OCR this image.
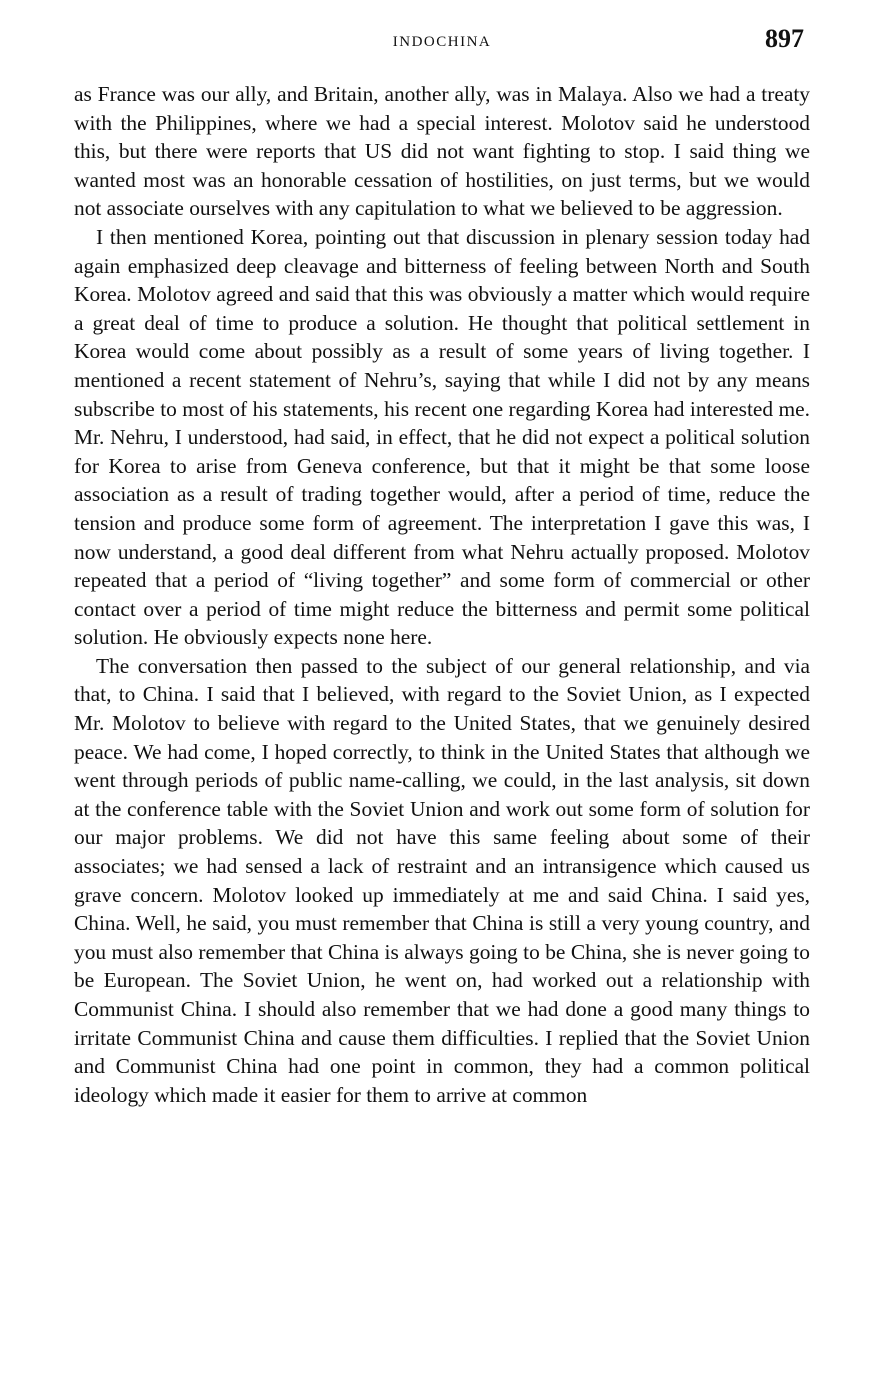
INDOCHINA	897

as France was our ally, and Britain, another ally, was in Malaya. Also we had a treaty with the Philippines, where we had a special interest. Molotov said he understood this, but there were reports that US did not want fighting to stop. I said thing we wanted most was an honorable cessation of hostilities, on just terms, but we would not associate ourselves with any capitulation to what we believed to be aggression.

I then mentioned Korea, pointing out that discussion in plenary session today had again emphasized deep cleavage and bitterness of feeling between North and South Korea. Molotov agreed and said that this was obviously a matter which would require a great deal of time to produce a solution. He thought that political settlement in Korea would come about possibly as a result of some years of living together. I mentioned a recent statement of Nehru’s, saying that while I did not by any means subscribe to most of his statements, his recent one regarding Korea had interested me. Mr. Nehru, I understood, had said, in effect, that he did not expect a political solution for Korea to arise from Geneva conference, but that it might be that some loose association as a result of trading together would, after a period of time, reduce the tension and produce some form of agreement. The interpretation I gave this was, I now understand, a good deal different from what Nehru actually proposed. Molotov repeated that a period of “living together” and some form of commercial or other contact over a period of time might reduce the bitterness and permit some political solution. He obviously expects none here.

The conversation then passed to the subject of our general relationship, and via that, to China. I said that I believed, with regard to the Soviet Union, as I expected Mr. Molotov to believe with regard to the United States, that we genuinely desired peace. We had come, I hoped correctly, to think in the United States that although we went through periods of public name-calling, we could, in the last analysis, sit down at the conference table with the Soviet Union and work out some form of solution for our major problems. We did not have this same feeling about some of their associates; we had sensed a lack of restraint and an intransigence which caused us grave concern. Molotov looked up immediately at me and said China. I said yes, China. Well, he said, you must remember that China is still a very young country, and you must also remember that China is always going to be China, she is never going to be European. The Soviet Union, he went on, had worked out a relationship with Communist China. I should also remember that we had done a good many things to irritate Communist China and cause them difficulties. I replied that the Soviet Union and Communist China had one point in common, they had a common political ideology which made it easier for them to arrive at common
